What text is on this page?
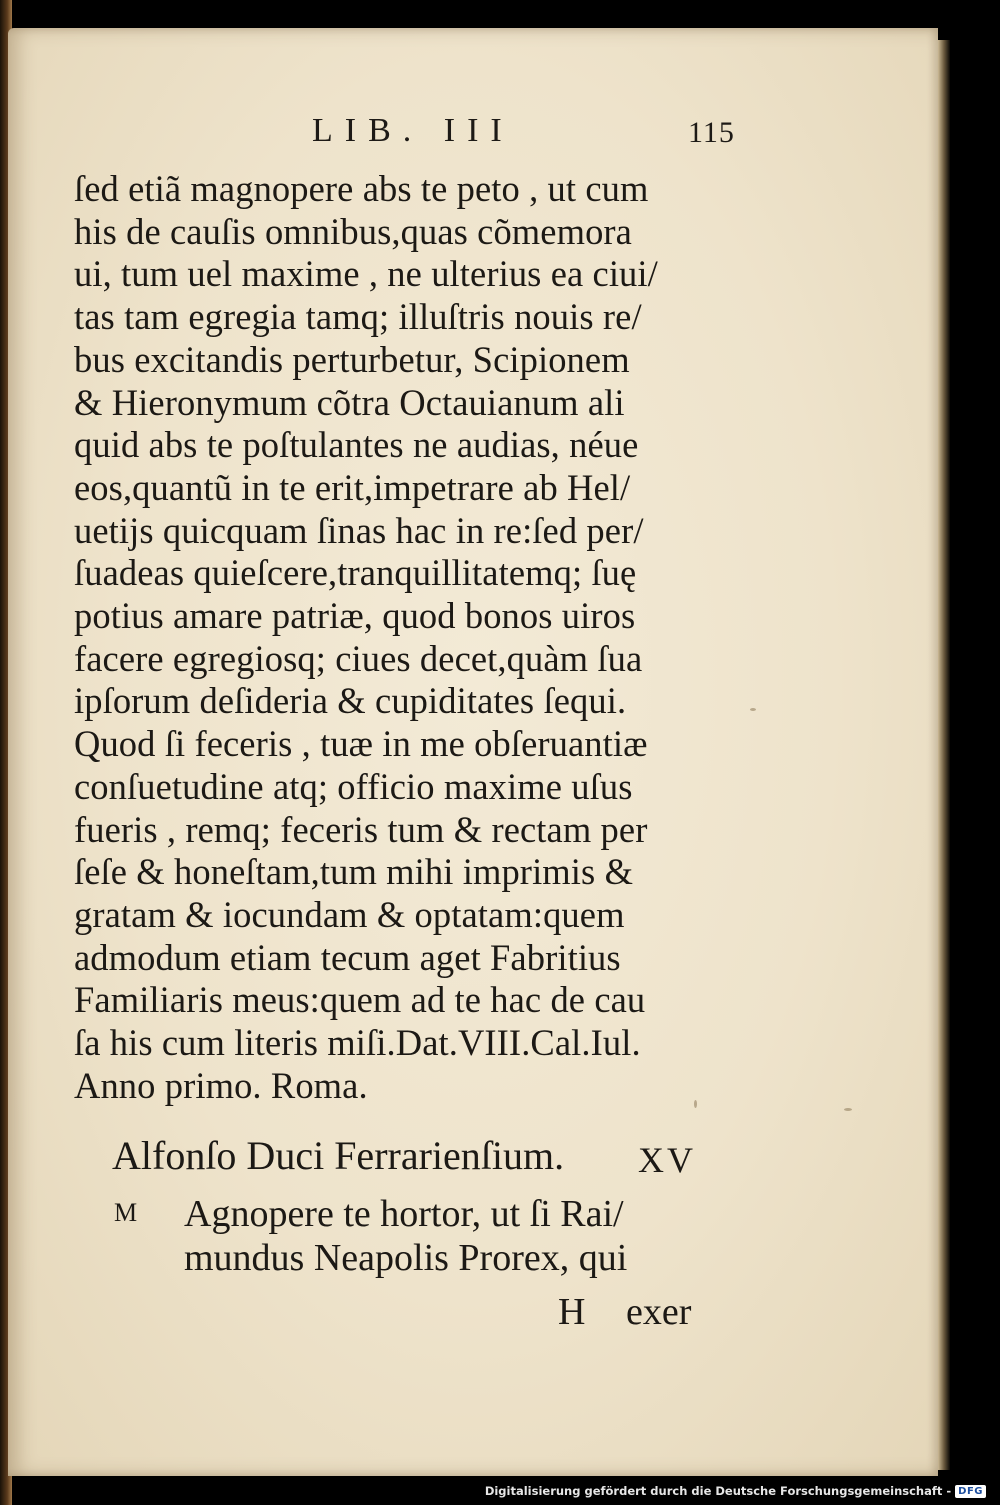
LIB. III	115
ſed etiã magnopere abs te peto , ut cum
his de cauſis omnibus,quas cõmemora
ui, tum uel maxime , ne ulterius ea ciui/
tas tam egregia tamq; illuſtris nouis re/
bus excitandis perturbetur, Scipionem
& Hieronymum cõtra Octauianum ali
quid abs te poſtulantes ne audias, néue
eos,quantũ in te erit,impetrare ab Hel/
uetijs quicquam ſinas hac in re:ſed per/
ſuadeas quieſcere,tranquillitatemq; ſuę
potius amare patriæ, quod bonos uiros
facere egregiosq; ciues decet,quàm ſua
ipſorum deſideria & cupiditates ſequi.
Quod ſi feceris , tuæ in me obſeruantiæ
conſuetudine atq; officio maxime uſus
fueris , remq; feceris tum & rectam per
ſeſe & honeſtam,tum mihi imprimis &
gratam & iocundam & optatam:quem
admodum etiam tecum aget Fabritius
Familiaris meus:quem ad te hac de cau
ſa his cum literis miſi.Dat.VIII.Cal.Iul.
Anno primo. Roma.
Alfonſo Duci Ferrarienſium. XV
M Agnopere te hortor, ut ſi Rai/
mundus Neapolis Prorex, qui
H exer
Digitalisierung gefördert durch die Deutsche Forschungsgemeinschaft - DFG
